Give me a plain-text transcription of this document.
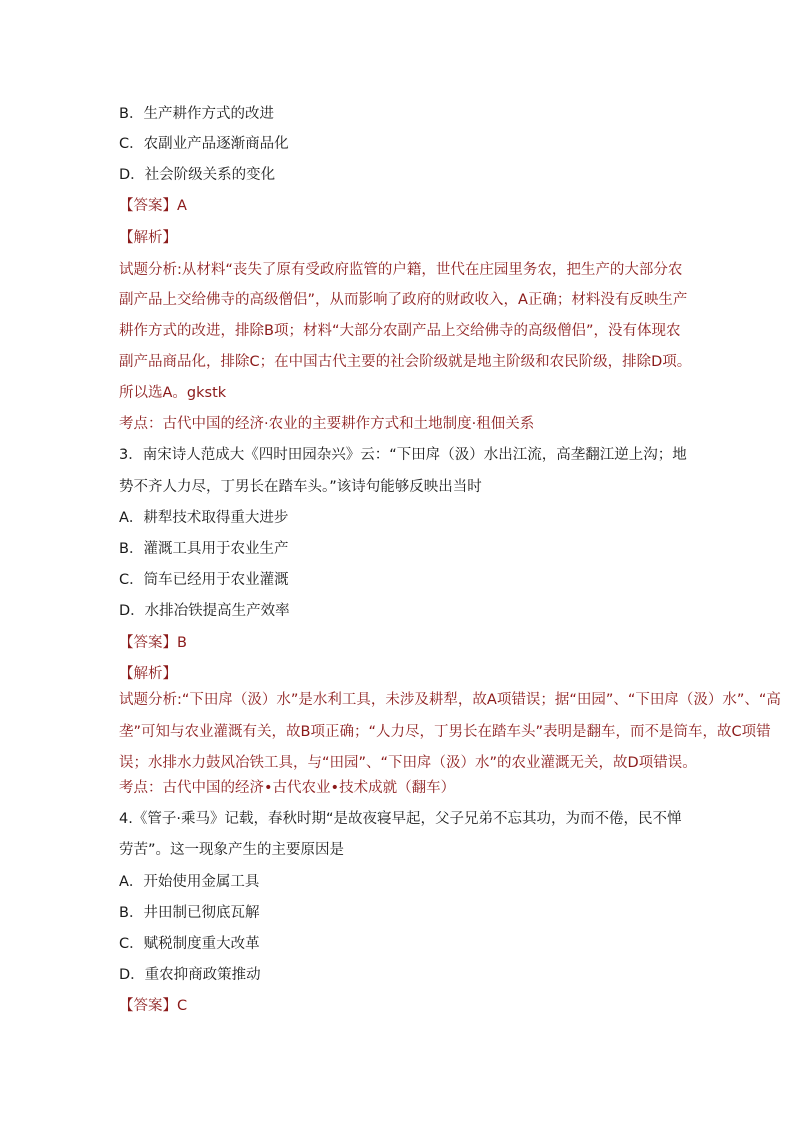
B．生产耕作方式的改进
C．农副业产品逐渐商品化
D．社会阶级关系的变化
【答案】A
【解析】
试题分析:从材料“丧失了原有受政府监管的户籍，世代在庄园里务农，把生产的大部分农
副产品上交给佛寺的高级僧侣”，从而影响了政府的财政收入，A正确；材料没有反映生产
耕作方式的改进，排除B项；材料“大部分农副产品上交给佛寺的高级僧侣”，没有体现农
副产品商品化，排除C；在中国古代主要的社会阶级就是地主阶级和农民阶级，排除D项。
所以选A。gkstk
考点：古代中国的经济·农业的主要耕作方式和土地制度·租佃关系
3．南宋诗人范成大《四时田园杂兴》云：“下田戽（汲）水出江流，高垄翻江逆上沟；地
势不齐人力尽，丁男长在踏车头。”该诗句能够反映出当时
A．耕犁技术取得重大进步
B．灌溉工具用于农业生产
C．筒车已经用于农业灌溉
D．水排冶铁提高生产效率
【答案】B
【解析】
试题分析:“下田戽（汲）水”是水利工具，未涉及耕犁，故A项错误；据“田园”、“下田戽（汲）水”、“高
垄”可知与农业灌溉有关，故B项正确；“人力尽，丁男长在踏车头”表明是翻车，而不是筒车，故C项错
误；水排水力鼓风冶铁工具，与“田园”、“下田戽（汲）水”的农业灌溉无关，故D项错误。
考点：古代中国的经济•古代农业•技术成就（翻车）
4.《管子·乘马》记载，春秋时期“是故夜寝早起，父子兄弟不忘其功，为而不倦，民不惮
劳苦”。这一现象产生的主要原因是
A．开始使用金属工具
B．井田制已彻底瓦解
C．赋税制度重大改革
D．重农抑商政策推动
【答案】C
